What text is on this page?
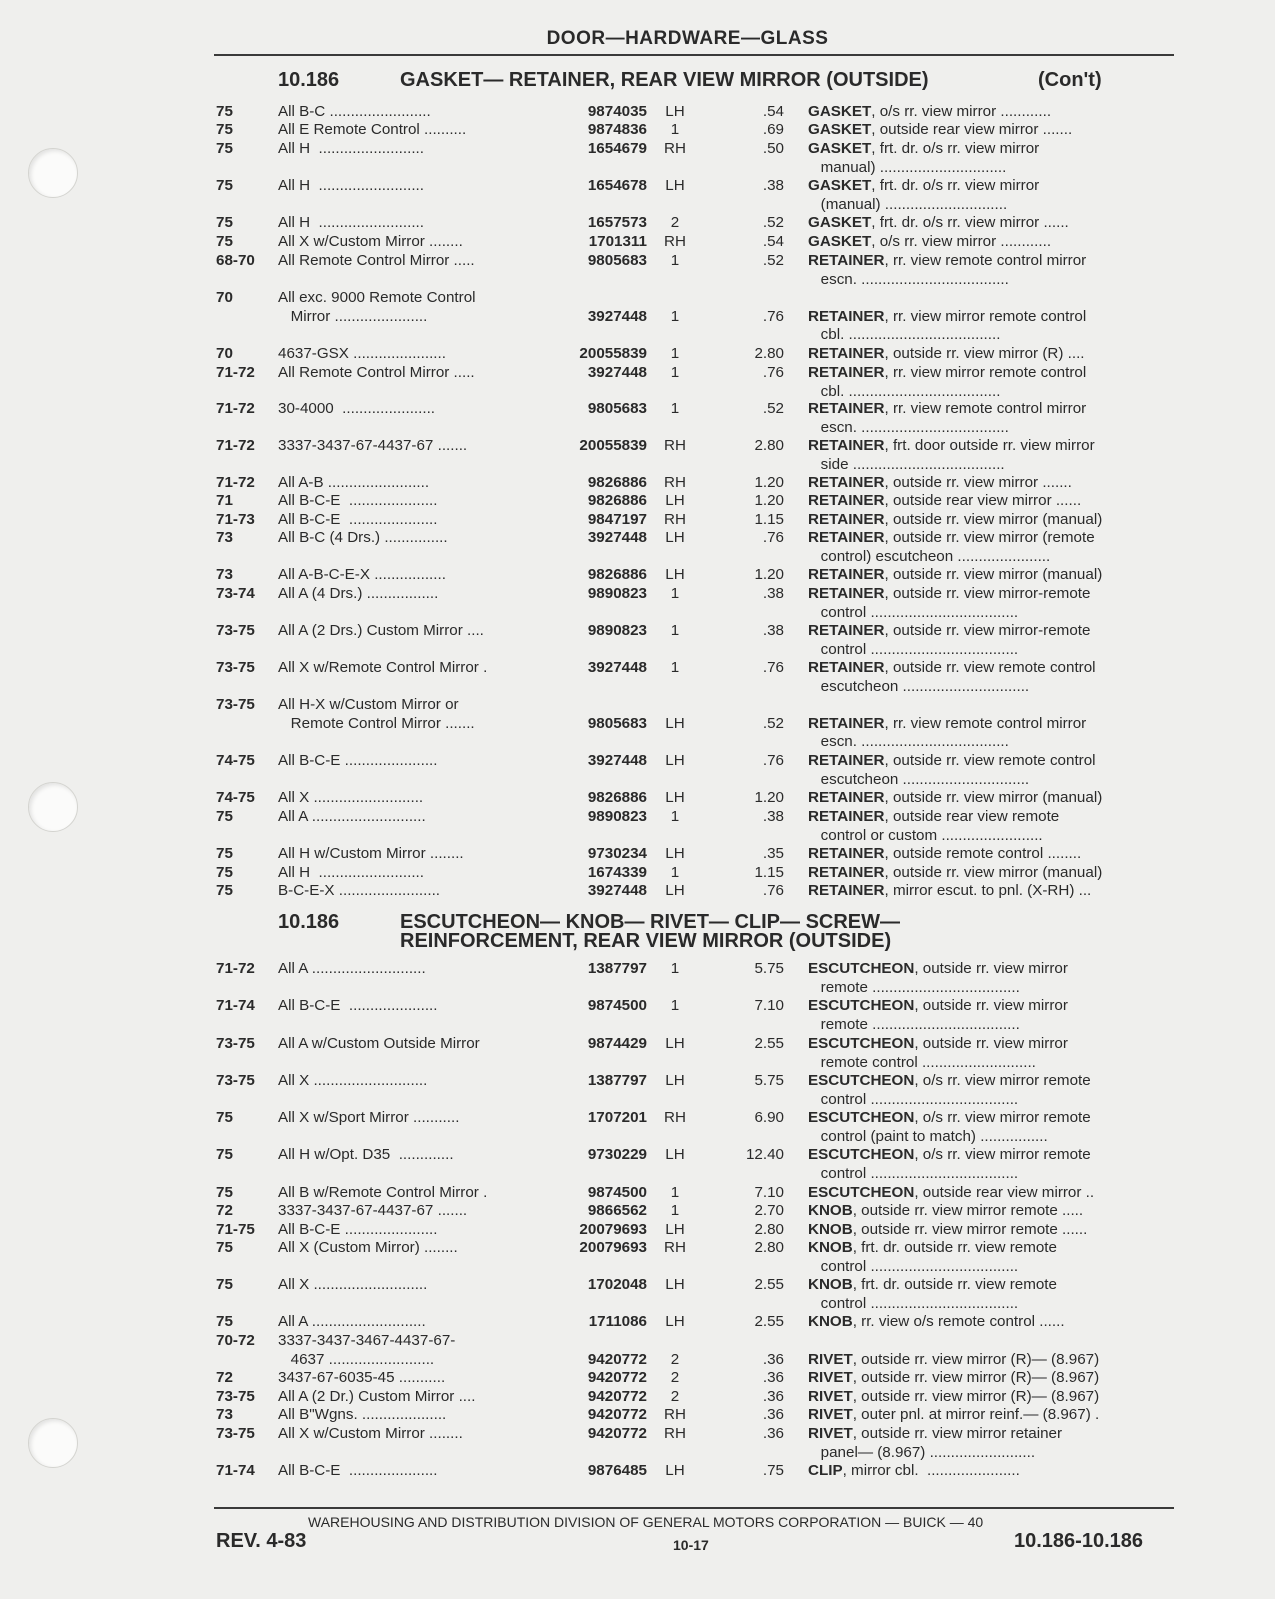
DOOR—HARDWARE—GLASS
10.186	GASKET— RETAINER, REAR VIEW MIRROR (OUTSIDE)	(Con't)
75	All B-C ........................	9874035	LH	.54 GASKET, o/s rr. view mirror ............
75	All E Remote Control ..........	9874836	1	.69 GASKET, outside rear view mirror .......
75	All H  .........................	1654679	RH	.50 GASKET, frt. dr. o/s rr. view mirror
manual) ..............................
75	All H  .........................	1654678	LH	.38 GASKET, frt. dr. o/s rr. view mirror
(manual) .............................
75	All H  .........................	1657573	2	.52 GASKET, frt. dr. o/s rr. view mirror ......
75	All X w/Custom Mirror ........	1701311	RH	.54 GASKET, o/s rr. view mirror ............
68-70 All Remote Control Mirror .....	9805683	1	.52 RETAINER, rr. view remote control mirror
escn. ...................................
70	All exc. 9000 Remote Control
Mirror ......................	3927448	1	.76 RETAINER, rr. view mirror remote control
cbl. ....................................
70	4637-GSX ......................	20055839	1	2.80 RETAINER, outside rr. view mirror (R) ....
71-72 All Remote Control Mirror .....	3927448	1	.76 RETAINER, rr. view mirror remote control
cbl. ....................................
71-72 30-4000  ......................	9805683	1	.52 RETAINER, rr. view remote control mirror
escn. ...................................
71-72 3337-3437-67-4437-67 .......	20055839	RH	2.80 RETAINER, frt. door outside rr. view mirror
side ....................................
71-72 All A-B ........................	9826886	RH	1.20 RETAINER, outside rr. view mirror .......
71	All B-C-E  .....................	9826886	LH	1.20 RETAINER, outside rear view mirror ......
71-73 All B-C-E  .....................	9847197	RH	1.15 RETAINER, outside rr. view mirror (manual)
73	All B-C (4 Drs.) ...............	3927448	LH	.76 RETAINER, outside rr. view mirror (remote
control) escutcheon ......................
73	All A-B-C-E-X .................	9826886	LH	1.20 RETAINER, outside rr. view mirror (manual)
73-74 All A (4 Drs.) .................	9890823	1	.38 RETAINER, outside rr. view mirror-remote
control ...................................
73-75 All A (2 Drs.) Custom Mirror ....	9890823	1	.38 RETAINER, outside rr. view mirror-remote
control ...................................
73-75 All X w/Remote Control Mirror .	3927448	1	.76 RETAINER, outside rr. view remote control
escutcheon ..............................
73-75 All H-X w/Custom Mirror or
Remote Control Mirror .......	9805683	LH	.52 RETAINER, rr. view remote control mirror
escn. ...................................
74-75 All B-C-E ......................	3927448	LH	.76 RETAINER, outside rr. view remote control
escutcheon ..............................
74-75 All X ..........................	9826886	LH	1.20 RETAINER, outside rr. view mirror (manual)
75	All A ...........................	9890823	1	.38 RETAINER, outside rear view remote
control or custom ........................
75	All H w/Custom Mirror ........	9730234	LH	.35 RETAINER, outside remote control ........
75	All H  .........................	1674339	1	1.15 RETAINER, outside rr. view mirror (manual)
75	B-C-E-X ........................	3927448	LH	.76 RETAINER, mirror escut. to pnl. (X-RH) ...
10.186	ESCUTCHEON— KNOB— RIVET— CLIP— SCREW—
REINFORCEMENT, REAR VIEW MIRROR (OUTSIDE)
71-72 All A ...........................	1387797	1	5.75 ESCUTCHEON, outside rr. view mirror
remote ...................................
71-74 All B-C-E  .....................	9874500	1	7.10 ESCUTCHEON, outside rr. view mirror
remote ...................................
73-75 All A w/Custom Outside Mirror	9874429	LH	2.55 ESCUTCHEON, outside rr. view mirror
remote control ...........................
73-75 All X ...........................	1387797	LH	5.75 ESCUTCHEON, o/s rr. view mirror remote
control ...................................
75	All X w/Sport Mirror ...........	1707201	RH	6.90 ESCUTCHEON, o/s rr. view mirror remote
control (paint to match) ................
75	All H w/Opt. D35  .............	9730229	LH	12.40 ESCUTCHEON, o/s rr. view mirror remote
control ...................................
75	All B w/Remote Control Mirror .	9874500	1	7.10 ESCUTCHEON, outside rear view mirror ..
72	3337-3437-67-4437-67 .......	9866562	1	2.70 KNOB, outside rr. view mirror remote .....
71-75 All B-C-E ......................	20079693	LH	2.80 KNOB, outside rr. view mirror remote ......
75	All X (Custom Mirror) ........	20079693	RH	2.80 KNOB, frt. dr. outside rr. view remote
control ...................................
75	All X ...........................	1702048	LH	2.55 KNOB, frt. dr. outside rr. view remote
control ...................................
75	All A ...........................	1711086	LH	2.55 KNOB, rr. view o/s remote control ......
70-72 3337-3437-3467-4437-67-
4637 .........................	9420772	2	.36 RIVET, outside rr. view mirror (R)— (8.967)
72	3437-67-6035-45 ...........	9420772	2	.36 RIVET, outside rr. view mirror (R)— (8.967)
73-75 All A (2 Dr.) Custom Mirror ....	9420772	2	.36 RIVET, outside rr. view mirror (R)— (8.967)
73	All B"Wgns. ....................	9420772	RH	.36 RIVET, outer pnl. at mirror reinf.— (8.967) .
73-75 All X w/Custom Mirror ........	9420772	RH	.36 RIVET, outside rr. view mirror retainer
panel— (8.967) .........................
71-74 All B-C-E  .....................	9876485	LH	.75 CLIP, mirror cbl.  ......................
WAREHOUSING AND DISTRIBUTION DIVISION OF GENERAL MOTORS CORPORATION — BUICK — 40
REV. 4-83	10-17	10.186-10.186
